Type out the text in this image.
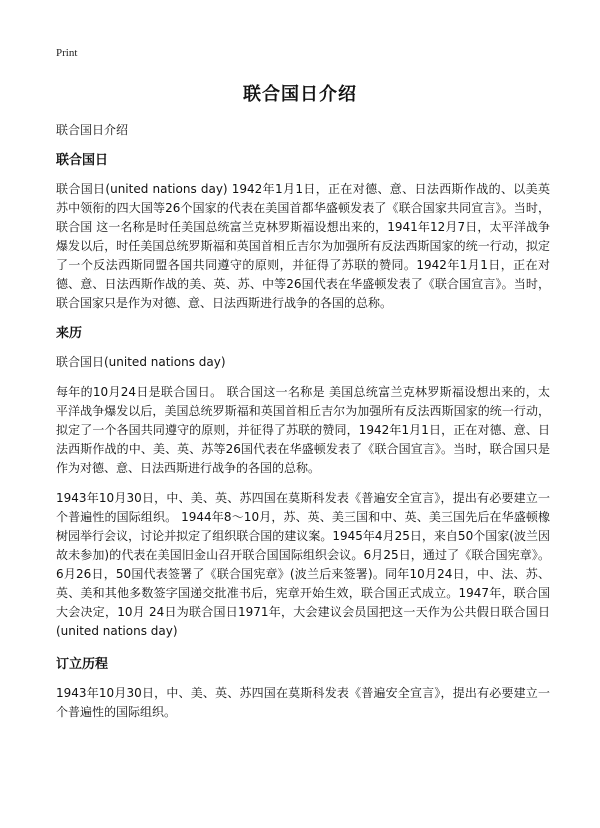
Print
联合国日介绍

联合国日介绍

联合国日

联合国日(united nations day) 1942年1月1日，正在对德、意、日法西斯作战的、以美英苏中领衔的四大国等26个国家的代表在美国首都华盛顿发表了《联合国家共同宣言》。当时，联合国 这一名称是时任美国总统富兰克林罗斯福设想出来的，1941年12月7日，太平洋战争爆发以后，时任美国总统罗斯福和英国首相丘吉尔为加强所有反法西斯国家的统一行动，拟定了一个反法西斯同盟各国共同遵守的原则，并征得了苏联的赞同。1942年1月1日，正在对德、意、日法西斯作战的美、英、苏、中等26国代表在华盛顿发表了《联合国宣言》。当时，联合国家只是作为对德、意、日法西斯进行战争的各国的总称。

来历

联合国日(united nations day)

每年的10月24日是联合国日。 联合国这一名称是 美国总统富兰克林罗斯福设想出来的，太平洋战争爆发以后，美国总统罗斯福和英国首相丘吉尔为加强所有反法西斯国家的统一行动，拟定了一个各国共同遵守的原则，并征得了苏联的赞同，1942年1月1日，正在对德、意、日法西斯作战的中、美、英、苏等26国代表在华盛顿发表了《联合国宣言》。当时，联合国只是作为对德、意、日法西斯进行战争的各国的总称。

1943年10月30日，中、美、英、苏四国在莫斯科发表《普遍安全宣言》，提出有必要建立一个普遍性的国际组织。 1944年8～10月，苏、英、美三国和中、英、美三国先后在华盛顿橡树园举行会议，讨论并拟定了组织联合国的建议案。1945年4月25日，来自50个国家(波兰因故未参加)的代表在美国旧金山召开联合国国际组织会议。6月25日，通过了《联合国宪章》。6月26日，50国代表签署了《联合国宪章》(波兰后来签署)。同年10月24日，中、法、苏、英、美和其他多数签字国递交批准书后，宪章开始生效，联合国正式成立。1947年，联合国大会决定，10月 24日为联合国日1971年，大会建议会员国把这一天作为公共假日联合国日(united nations day)

订立历程

1943年10月30日，中、美、英、苏四国在莫斯科发表《普遍安全宣言》，提出有必要建立一个普遍性的国际组织。
